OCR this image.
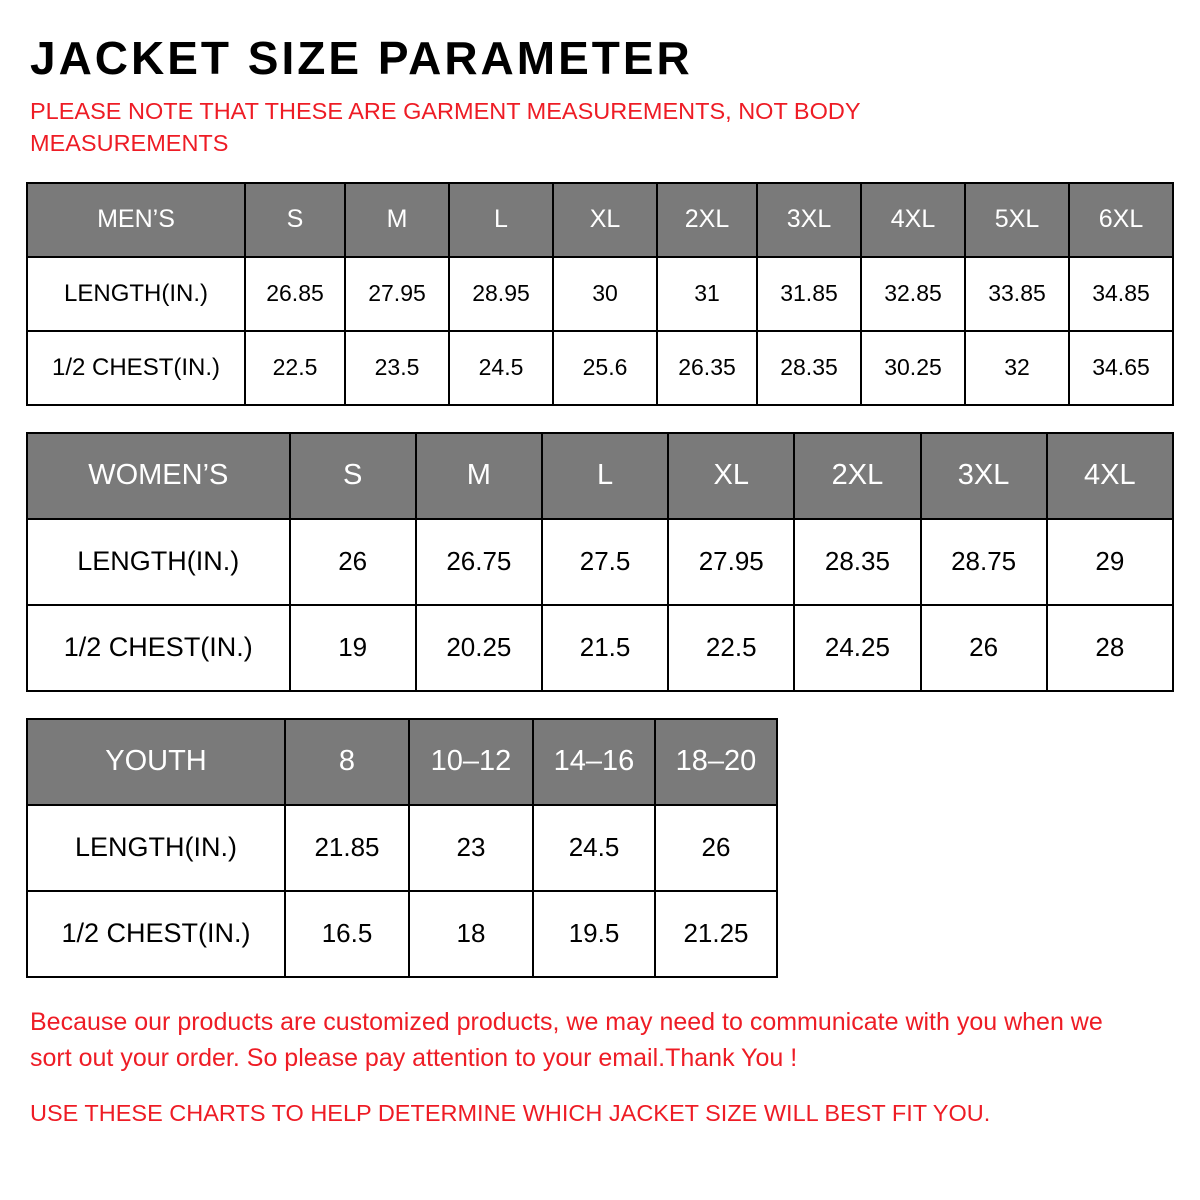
JACKET SIZE PARAMETER
PLEASE NOTE THAT THESE ARE GARMENT MEASUREMENTS, NOT BODY MEASUREMENTS
MEN’S	S	M	L	XL	2XL	3XL	4XL	5XL	6XL
LENGTH(IN.)	26.85	27.95	28.95	30	31	31.85	32.85	33.85	34.85
1/2 CHEST(IN.)	22.5	23.5	24.5	25.6	26.35	28.35	30.25	32	34.65
WOMEN’S	S	M	L	XL	2XL	3XL	4XL
LENGTH(IN.)	26	26.75	27.5	27.95	28.35	28.75	29
1/2 CHEST(IN.)	19	20.25	21.5	22.5	24.25	26	28
YOUTH	8	10–12	14–16	18–20
LENGTH(IN.)	21.85	23	24.5	26
1/2 CHEST(IN.)	16.5	18	19.5	21.25
Because our products are customized products, we may need to communicate with you when we sort out your order. So please pay attention to your email.Thank You !
USE THESE CHARTS TO HELP DETERMINE WHICH JACKET SIZE WILL BEST FIT YOU.
